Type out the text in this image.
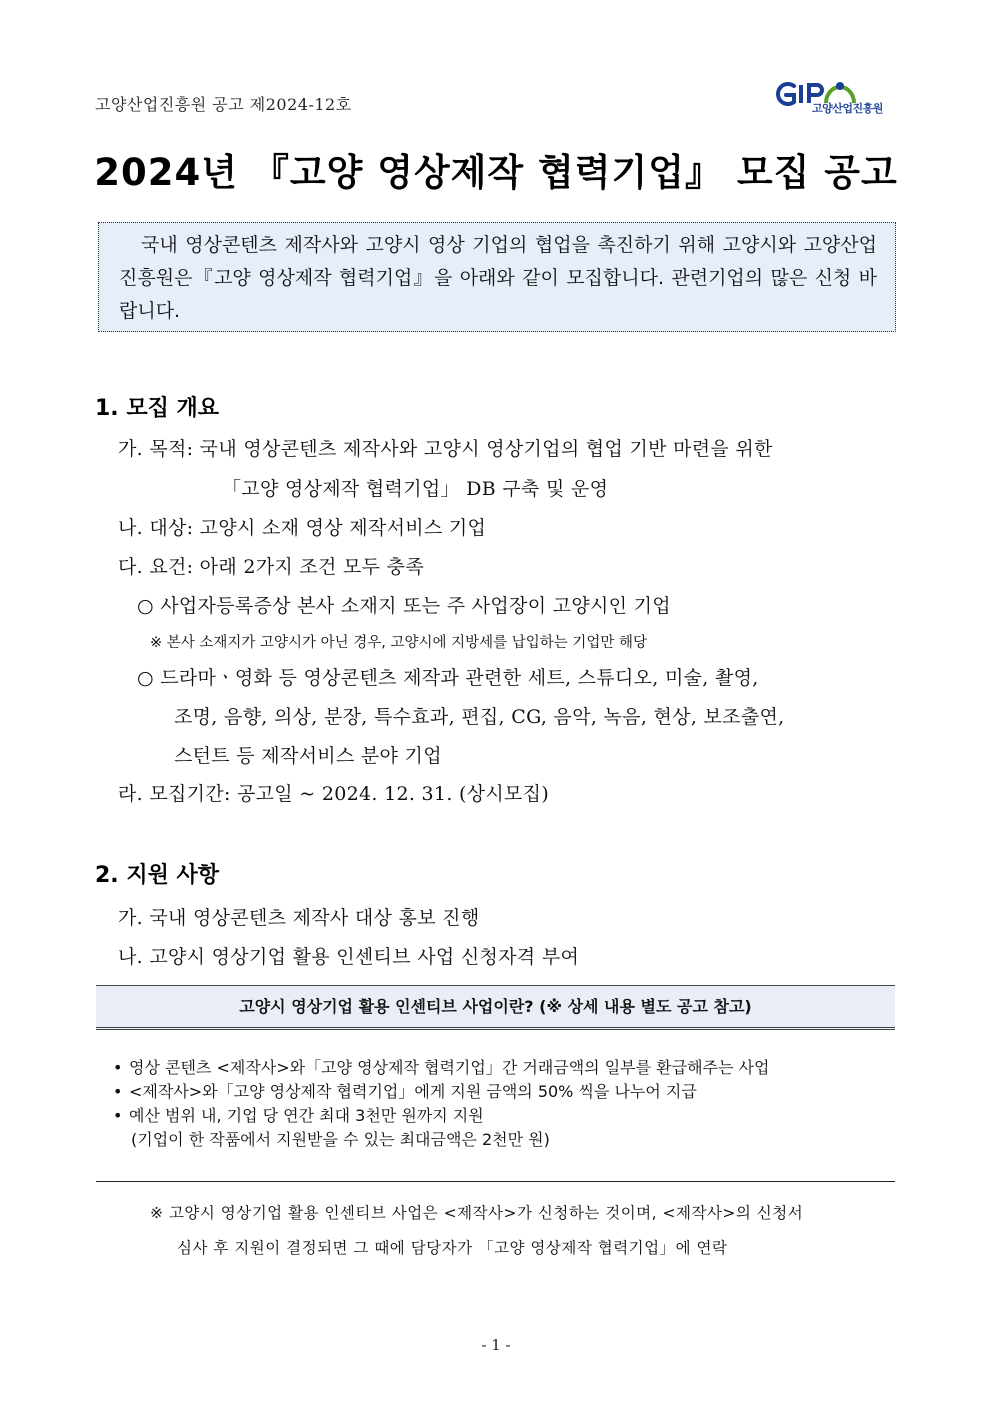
고양산업진흥원 공고 제2024-12호	고양산업진흥원
2024년 『고양 영상제작 협력기업』 모집 공고

국내 영상콘텐츠 제작사와 고양시 영상 기업의 협업을 촉진하기 위해 고양시와 고양산업진흥원은『고양 영상제작 협력기업』을 아래와 같이 모집합니다. 관련기업의 많은 신청 바랍니다.

1. 모집 개요
가. 목적: 국내 영상콘텐츠 제작사와 고양시 영상기업의 협업 기반 마련을 위한
「고양 영상제작 협력기업」 DB 구축 및 운영
나. 대상: 고양시 소재 영상 제작서비스 기업
다. 요건: 아래 2가지 조건 모두 충족
○ 사업자등록증상 본사 소재지 또는 주 사업장이 고양시인 기업
※ 본사 소재지가 고양시가 아닌 경우, 고양시에 지방세를 납입하는 기업만 해당
○ 드라마ㆍ영화 등 영상콘텐츠 제작과 관련한 세트, 스튜디오, 미술, 촬영,
조명, 음향, 의상, 분장, 특수효과, 편집, CG, 음악, 녹음, 현상, 보조출연,
스턴트 등 제작서비스 분야 기업
라. 모집기간: 공고일 ~ 2024. 12. 31. (상시모집)
2. 지원 사항
가. 국내 영상콘텐츠 제작사 대상 홍보 진행
나. 고양시 영상기업 활용 인센티브 사업 신청자격 부여
고양시 영상기업 활용 인센티브 사업이란? (※ 상세 내용 별도 공고 참고)
• 영상 콘텐츠 <제작사>와「고양 영상제작 협력기업」간 거래금액의 일부를 환급해주는 사업
• <제작사>와「고양 영상제작 협력기업」에게 지원 금액의 50% 씩을 나누어 지급
• 예산 범위 내, 기업 당 연간 최대 3천만 원까지 지원
(기업이 한 작품에서 지원받을 수 있는 최대금액은 2천만 원)
※ 고양시 영상기업 활용 인센티브 사업은 <제작사>가 신청하는 것이며, <제작사>의 신청서
심사 후 지원이 결정되면 그 때에 담당자가 「고양 영상제작 협력기업」에 연락
- 1 -
